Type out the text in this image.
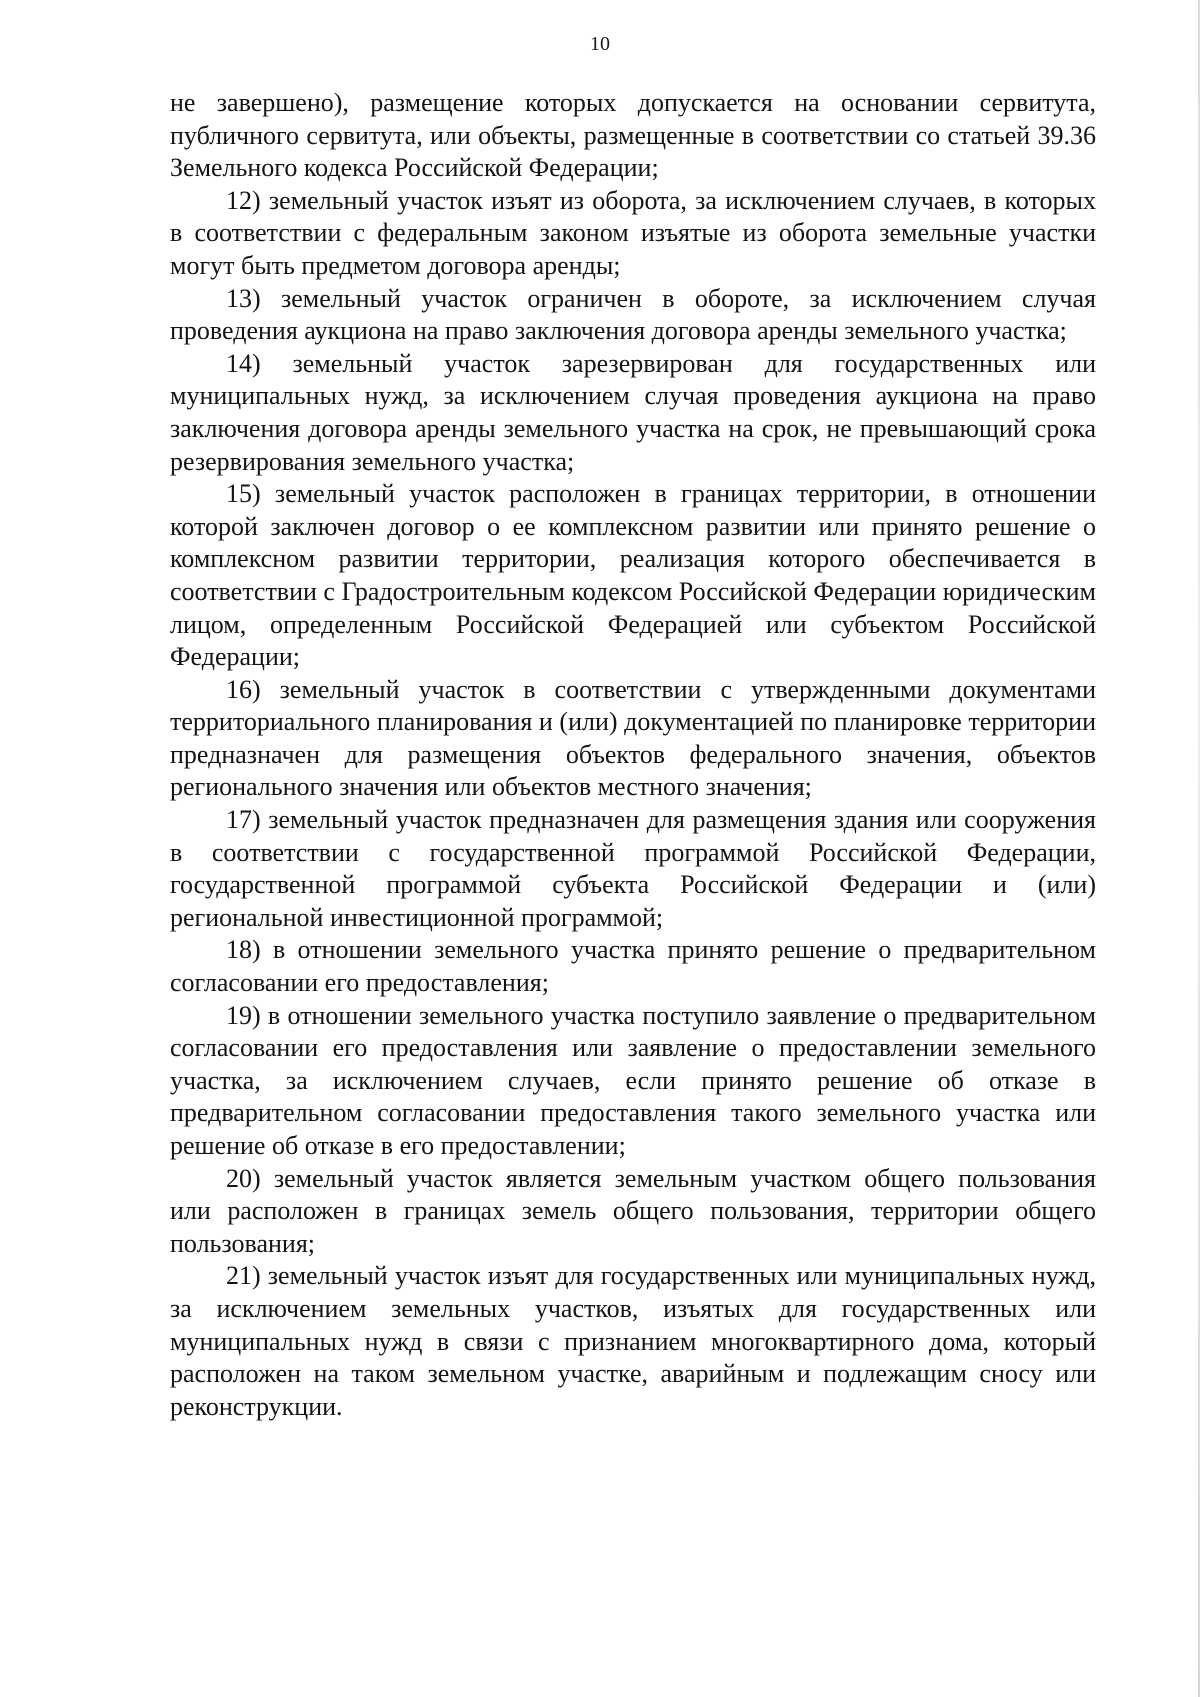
10

не завершено), размещение которых допускается на основании сервитута, публичного сервитута, или объекты, размещенные в соответствии со статьей 39.36 Земельного кодекса Российской Федерации;

12) земельный участок изъят из оборота, за исключением случаев, в которых в соответствии с федеральным законом изъятые из оборота земельные участки могут быть предметом договора аренды;

13) земельный участок ограничен в обороте, за исключением случая проведения аукциона на право заключения договора аренды земельного участка;

14) земельный участок зарезервирован для государственных или муниципальных нужд, за исключением случая проведения аукциона на право заключения договора аренды земельного участка на срок, не превышающий срока резервирования земельного участка;

15) земельный участок расположен в границах территории, в отношении которой заключен договор о ее комплексном развитии или принято решение о комплексном развитии территории, реализация которого обеспечивается в соответствии с Градостроительным кодексом Российской Федерации юридическим лицом, определенным Российской Федерацией или субъектом Российской Федерации;

16) земельный участок в соответствии с утвержденными документами территориального планирования и (или) документацией по планировке территории предназначен для размещения объектов федерального значения, объектов регионального значения или объектов местного значения;

17) земельный участок предназначен для размещения здания или сооружения в соответствии с государственной программой Российской Федерации, государственной программой субъекта Российской Федерации и (или) региональной инвестиционной программой;

18) в отношении земельного участка принято решение о предварительном согласовании его предоставления;

19) в отношении земельного участка поступило заявление о предварительном согласовании его предоставления или заявление о предоставлении земельного участка, за исключением случаев, если принято решение об отказе в предварительном согласовании предоставления такого земельного участка или решение об отказе в его предоставлении;

20) земельный участок является земельным участком общего пользования или расположен в границах земель общего пользования, территории общего пользования;

21) земельный участок изъят для государственных или муниципальных нужд, за исключением земельных участков, изъятых для государственных или муниципальных нужд в связи с признанием многоквартирного дома, который расположен на таком земельном участке, аварийным и подлежащим сносу или реконструкции.
